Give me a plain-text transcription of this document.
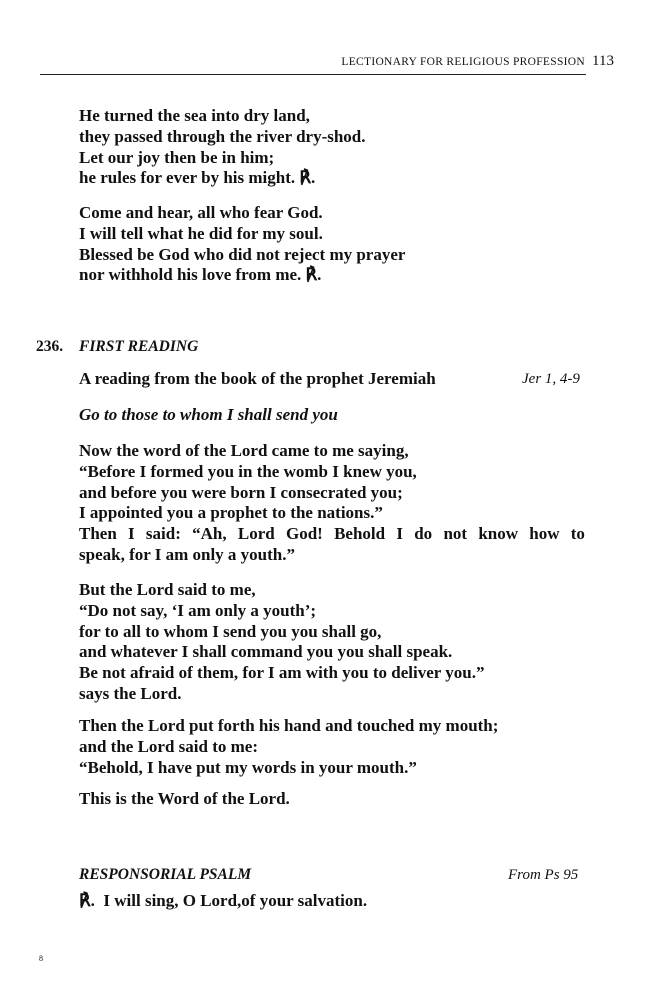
LECTIONARY FOR RELIGIOUS PROFESSION 113
He turned the sea into dry land,
they passed through the river dry-shod.
Let our joy then be in him;
he rules for ever by his might. ℟.
Come and hear, all who fear God.
I will tell what he did for my soul.
Blessed be God who did not reject my prayer
nor withhold his love from me. ℟.
236. FIRST READING
A reading from the book of the prophet Jeremiah	Jer 1, 4-9
Go to those to whom I shall send you
Now the word of the Lord came to me saying,
“Before I formed you in the womb I knew you,
and before you were born I consecrated you;
I appointed you a prophet to the nations.”
Then I said: “Ah, Lord God! Behold I do not know how to
speak, for I am only a youth.”
But the Lord said to me,
“Do not say, ‘I am only a youth’;
for to all to whom I send you you shall go,
and whatever I shall command you you shall speak.
Be not afraid of them, for I am with you to deliver you.”
says the Lord.
Then the Lord put forth his hand and touched my mouth;
and the Lord said to me:
“Behold, I have put my words in your mouth.”
This is the Word of the Lord.
RESPONSORIAL PSALM	From Ps 95
℟. I will sing, O Lord,of your salvation.
8
